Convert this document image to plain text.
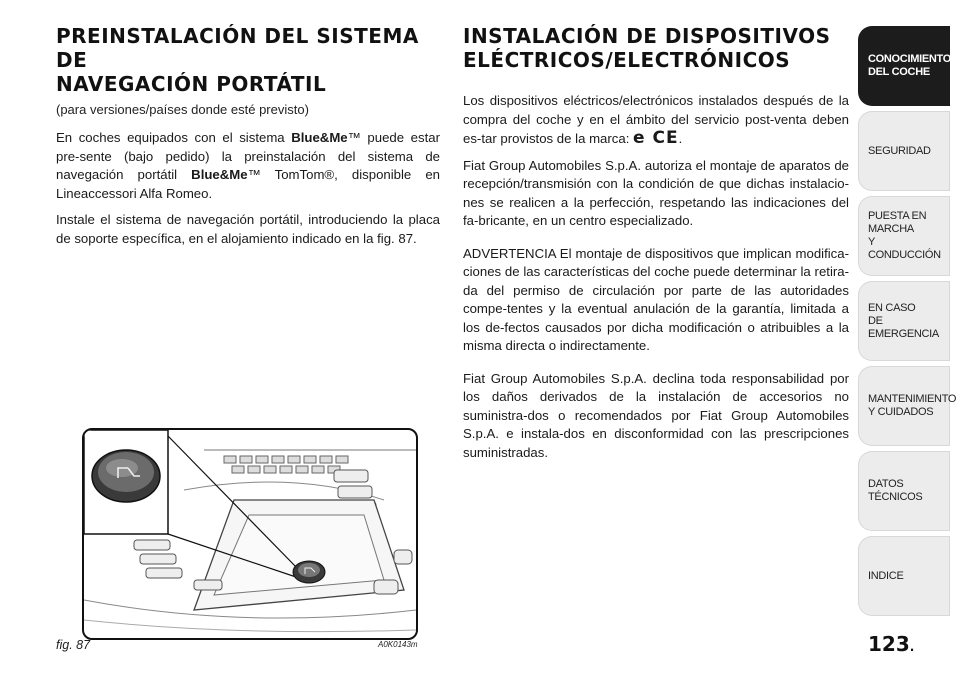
PREINSTALACIÓN DEL SISTEMA DE
NAVEGACIÓN PORTÁTIL
(para versiones/países donde esté previsto)

En coches equipados con el sistema Blue&Me™ puede estar pre-sente (bajo pedido) la preinstalación del sistema de navegación portátil Blue&Me™ TomTom®, disponible en Lineaccessori Alfa Romeo.

Instale el sistema de navegación portátil, introduciendo la placa de soporte específica, en el alojamiento indicado en la fig. 87.

INSTALACIÓN DE DISPOSITIVOS
ELÉCTRICOS/ELECTRÓNICOS

Los dispositivos eléctricos/electrónicos instalados después de la compra del coche y en el ámbito del servicio post-venta deben es-tar provistos de la marca: e CE.

Fiat Group Automobiles S.p.A. autoriza el montaje de aparatos de recepción/transmisión con la condición de que dichas instalacio-nes se realicen a la perfección, respetando las indicaciones del fa-bricante, en un centro especializado.

ADVERTENCIA El montaje de dispositivos que implican modifica-ciones de las características del coche puede determinar la retira-da del permiso de circulación por parte de las autoridades compe-tentes y la eventual anulación de la garantía, limitada a los de-fectos causados por dicha modificación o atribuibles a la misma directa o indirectamente.

Fiat Group Automobiles S.p.A. declina toda responsabilidad por los daños derivados de la instalación de accesorios no suministra-dos o recomendados por Fiat Group Automobiles S.p.A. e instala-dos en disconformidad con las prescripciones suministradas.

fig. 87	A0K0143m
CONOCIMIENTO
DEL COCHE
SEGURIDAD
PUESTA EN MARCHA
Y CONDUCCIÓN
EN CASO
DE EMERGENCIA
MANTENIMIENTO
Y CUIDADOS
DATOS TÉCNICOS
INDICE
123.
